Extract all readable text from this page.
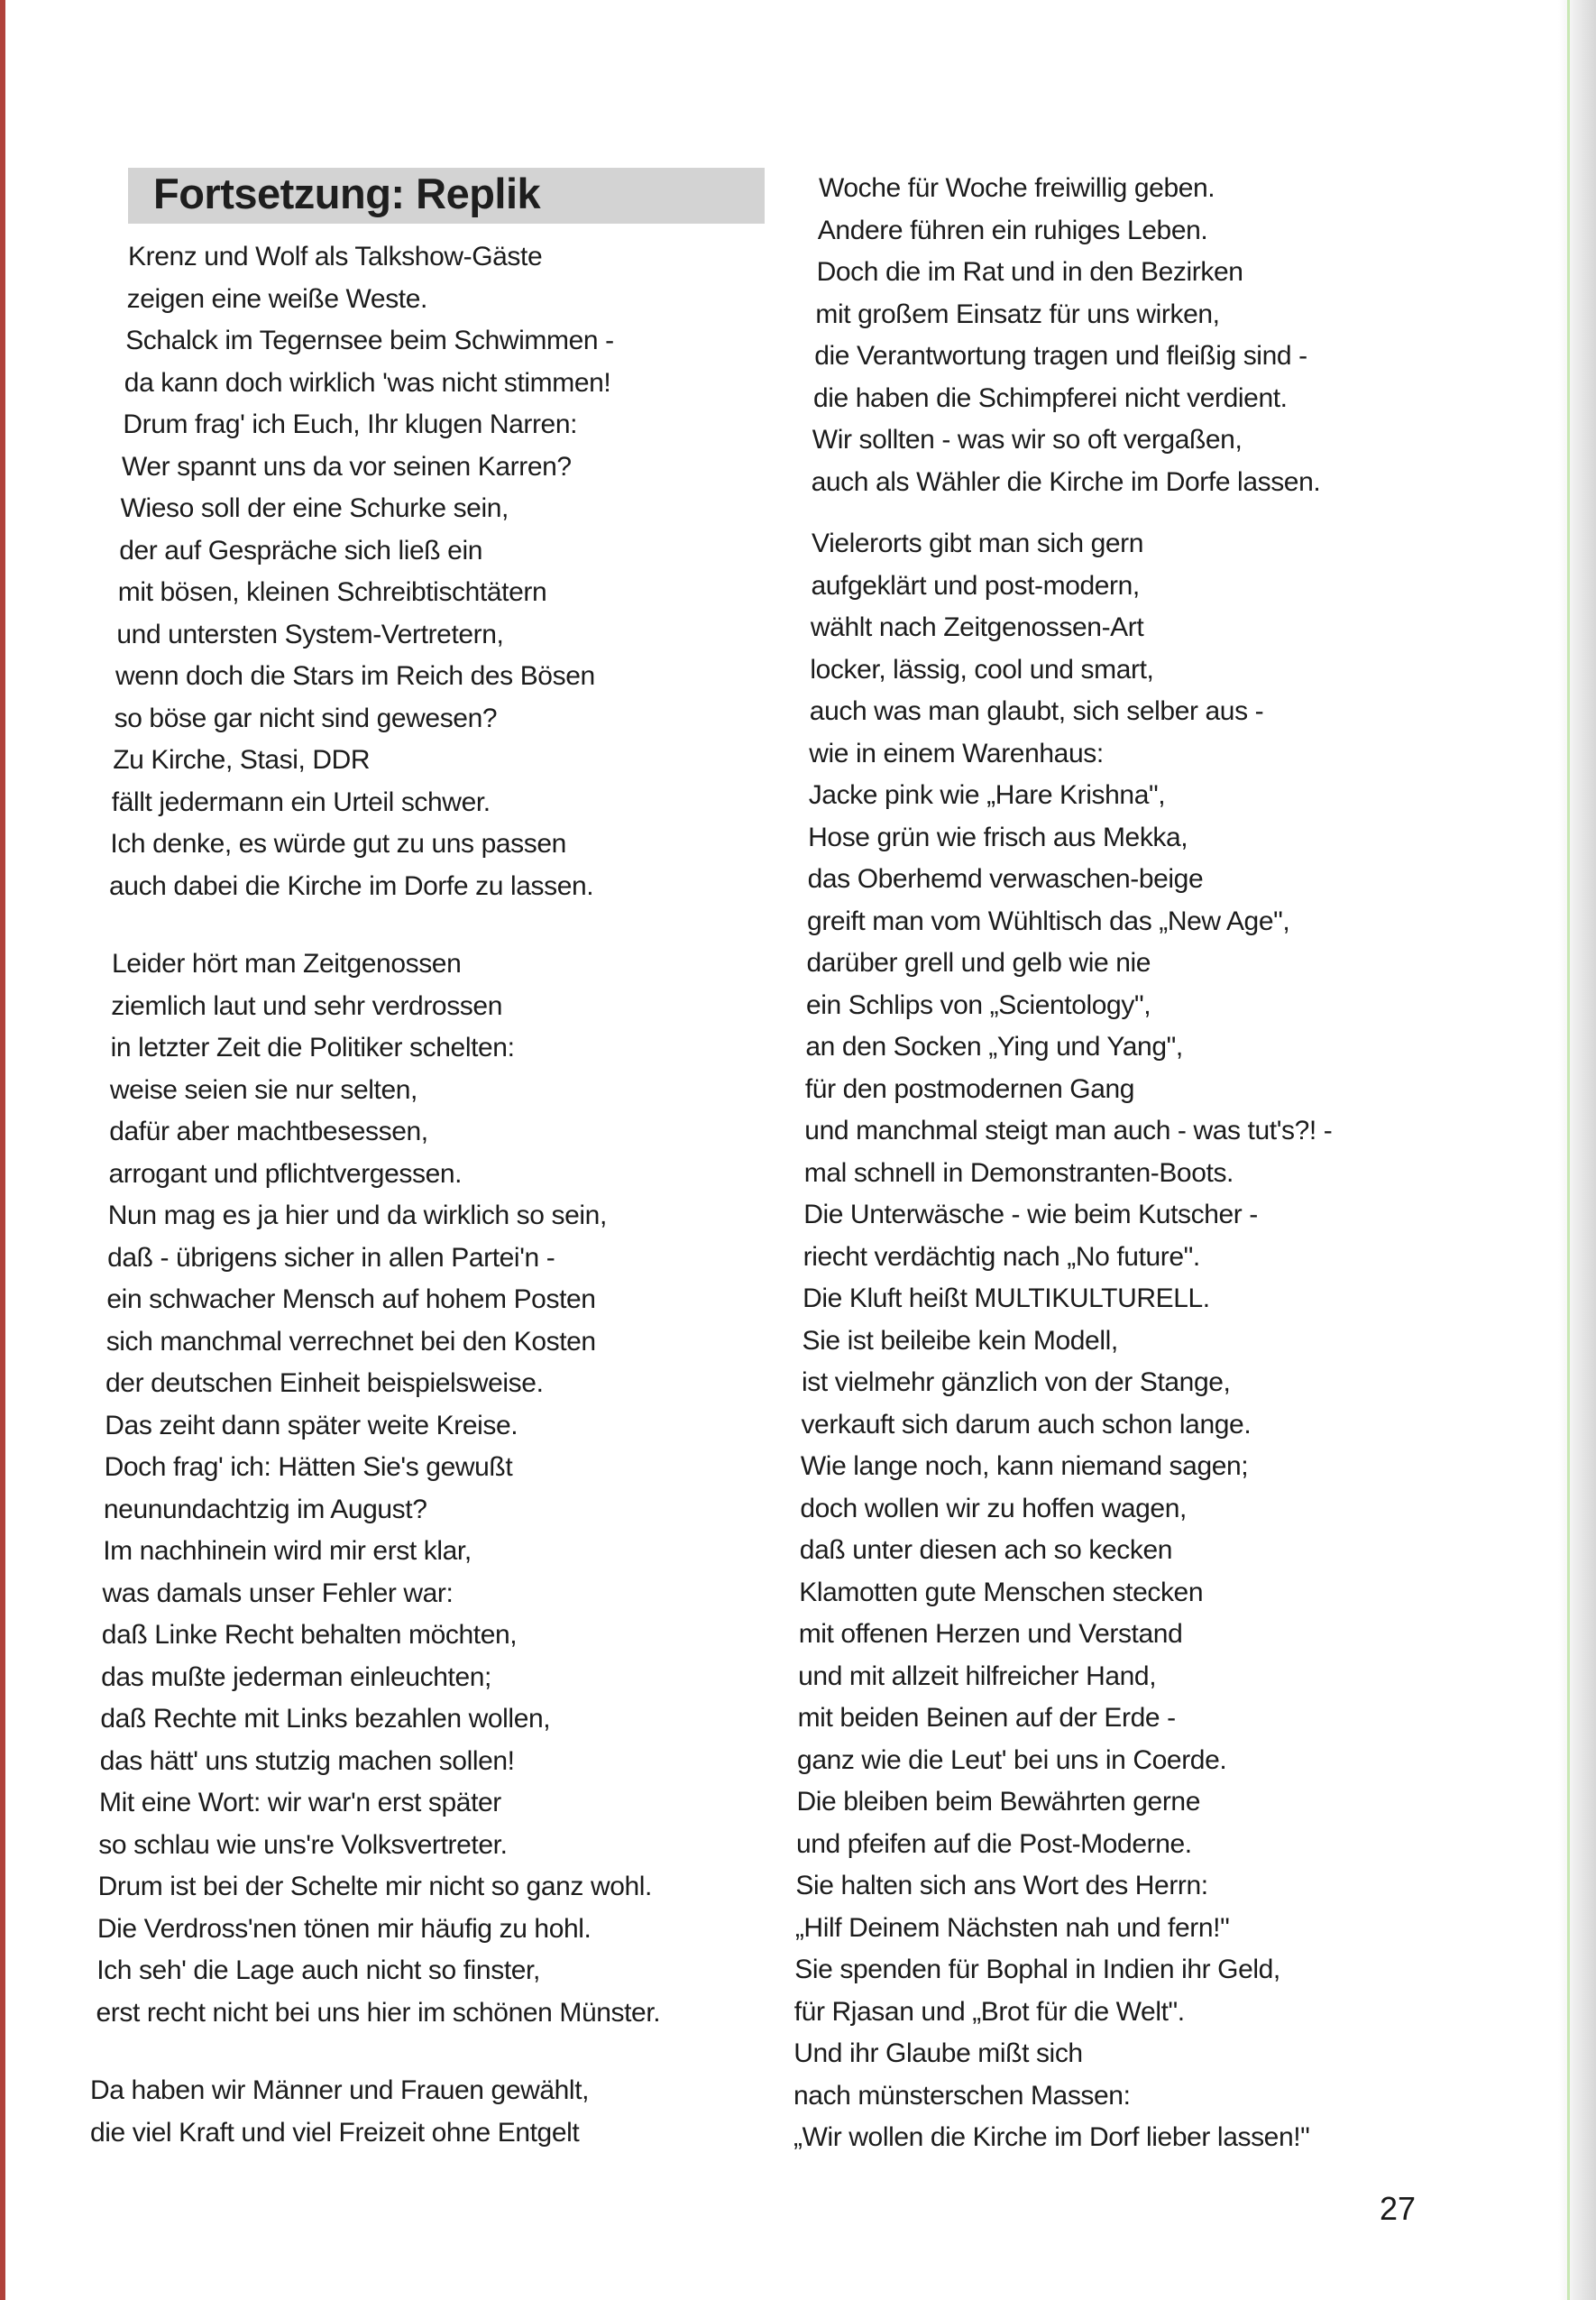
Fortsetzung: Replik
Krenz und Wolf als Talkshow-Gäste
zeigen eine weiße Weste.
Schalck im Tegernsee beim Schwimmen -
da kann doch wirklich 'was nicht stimmen!
Drum frag' ich Euch, Ihr klugen Narren:
Wer spannt uns da vor seinen Karren?
Wieso soll der eine Schurke sein,
der auf Gespräche sich ließ ein
mit bösen, kleinen Schreibtischtätern
und untersten System-Vertretern,
wenn doch die Stars im Reich des Bösen
so böse gar nicht sind gewesen?
Zu Kirche, Stasi, DDR
fällt jedermann ein Urteil schwer.
Ich denke, es würde gut zu uns passen
auch dabei die Kirche im Dorfe zu lassen.
Leider hört man Zeitgenossen
ziemlich laut und sehr verdrossen
in letzter Zeit die Politiker schelten:
weise seien sie nur selten,
dafür aber machtbesessen,
arrogant und pflichtvergessen.
Nun mag es ja hier und da wirklich so sein,
daß - übrigens sicher in allen Partei'n -
ein schwacher Mensch auf hohem Posten
sich manchmal verrechnet bei den Kosten
der deutschen Einheit beispielsweise.
Das zeiht dann später weite Kreise.
Doch frag' ich: Hätten Sie's gewußt
neunundachtzig im August?
Im nachhinein wird mir erst klar,
was damals unser Fehler war:
daß Linke Recht behalten möchten,
das mußte jederman einleuchten;
daß Rechte mit Links bezahlen wollen,
das hätt' uns stutzig machen sollen!
Mit eine Wort: wir war'n erst später
so schlau wie uns're Volksvertreter.
Drum ist bei der Schelte mir nicht so ganz wohl.
Die Verdross'nen tönen mir häufig zu hohl.
Ich seh' die Lage auch nicht so finster,
erst recht nicht bei uns hier im schönen Münster.
Da haben wir Männer und Frauen gewählt,
die viel Kraft und viel Freizeit ohne Entgelt
Woche für Woche freiwillig geben.
Andere führen ein ruhiges Leben.
Doch die im Rat und in den Bezirken
mit großem Einsatz für uns wirken,
die Verantwortung tragen und fleißig sind -
die haben die Schimpferei nicht verdient.
Wir sollten - was wir so oft vergaßen,
auch als Wähler die Kirche im Dorfe lassen.
Vielerorts gibt man sich gern
aufgeklärt und post-modern,
wählt nach Zeitgenossen-Art
locker, lässig, cool und smart,
auch was man glaubt, sich selber aus -
wie in einem Warenhaus:
Jacke pink wie „Hare Krishna",
Hose grün wie frisch aus Mekka,
das Oberhemd verwaschen-beige
greift man vom Wühltisch das „New Age",
darüber grell und gelb wie nie
ein Schlips von „Scientology",
an den Socken „Ying und Yang",
für den postmodernen Gang
und manchmal steigt man auch - was tut's?! -
mal schnell in Demonstranten-Boots.
Die Unterwäsche - wie beim Kutscher -
riecht verdächtig nach „No future".
Die Kluft heißt MULTIKULTURELL.
Sie ist beileibe kein Modell,
ist vielmehr gänzlich von der Stange,
verkauft sich darum auch schon lange.
Wie lange noch, kann niemand sagen;
doch wollen wir zu hoffen wagen,
daß unter diesen ach so kecken
Klamotten gute Menschen stecken
mit offenen Herzen und Verstand
und mit allzeit hilfreicher Hand,
mit beiden Beinen auf der Erde -
ganz wie die Leut' bei uns in Coerde.
Die bleiben beim Bewährten gerne
und pfeifen auf die Post-Moderne.
Sie halten sich ans Wort des Herrn:
„Hilf Deinem Nächsten nah und fern!"
Sie spenden für Bophal in Indien ihr Geld,
für Rjasan und „Brot für die Welt".
Und ihr Glaube mißt sich
nach münsterschen Massen:
„Wir wollen die Kirche im Dorf lieber lassen!"
27
